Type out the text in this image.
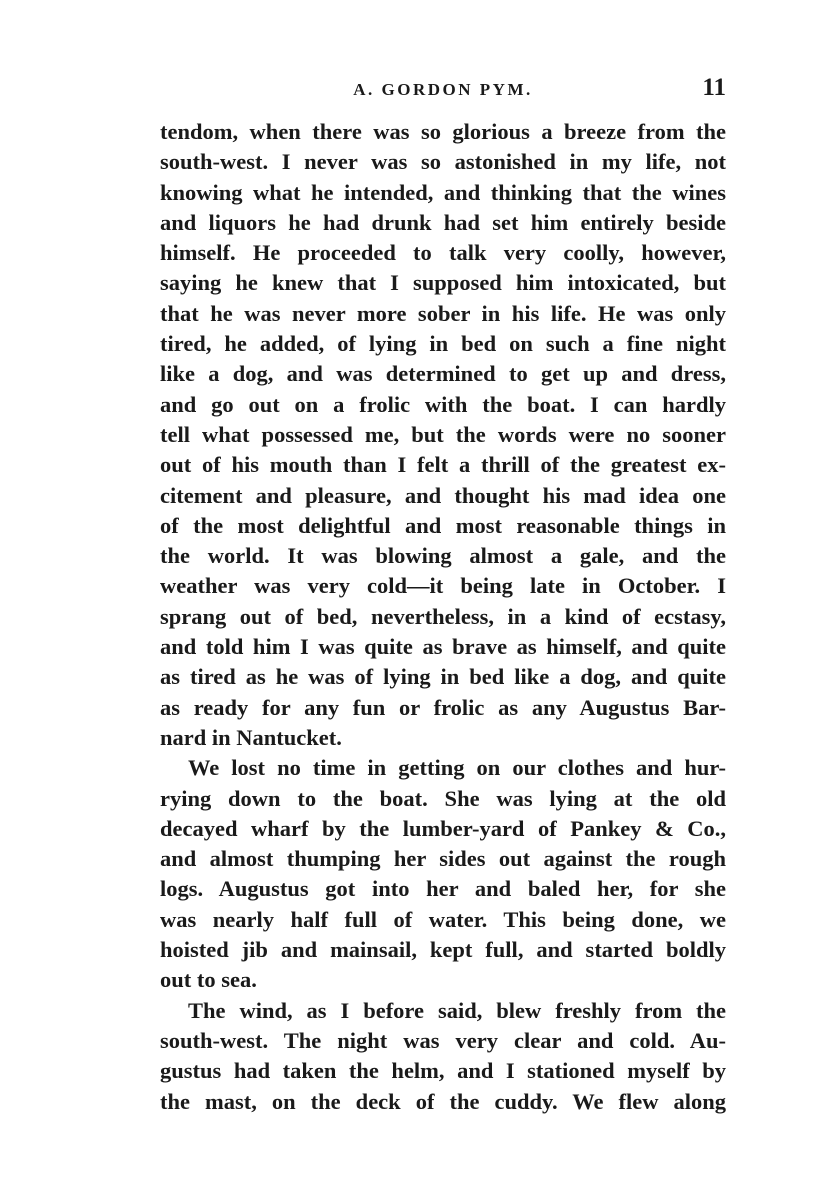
A. GORDON PYM.	11
tendom, when there was so glorious a breeze from the
south-west. I never was so astonished in my life, not
knowing what he intended, and thinking that the wines
and liquors he had drunk had set him entirely beside
himself. He proceeded to talk very coolly, however,
saying he knew that I supposed him intoxicated, but
that he was never more sober in his life. He was only
tired, he added, of lying in bed on such a fine night
like a dog, and was determined to get up and dress,
and go out on a frolic with the boat. I can hardly
tell what possessed me, but the words were no sooner
out of his mouth than I felt a thrill of the greatest ex-
citement and pleasure, and thought his mad idea one
of the most delightful and most reasonable things in
the world. It was blowing almost a gale, and the
weather was very cold—it being late in October. I
sprang out of bed, nevertheless, in a kind of ecstasy,
and told him I was quite as brave as himself, and quite
as tired as he was of lying in bed like a dog, and quite
as ready for any fun or frolic as any Augustus Bar-
nard in Nantucket.
We lost no time in getting on our clothes and hur-
rying down to the boat. She was lying at the old
decayed wharf by the lumber-yard of Pankey & Co.,
and almost thumping her sides out against the rough
logs. Augustus got into her and baled her, for she
was nearly half full of water. This being done, we
hoisted jib and mainsail, kept full, and started boldly
out to sea.
The wind, as I before said, blew freshly from the
south-west. The night was very clear and cold. Au-
gustus had taken the helm, and I stationed myself by
the mast, on the deck of the cuddy. We flew along
